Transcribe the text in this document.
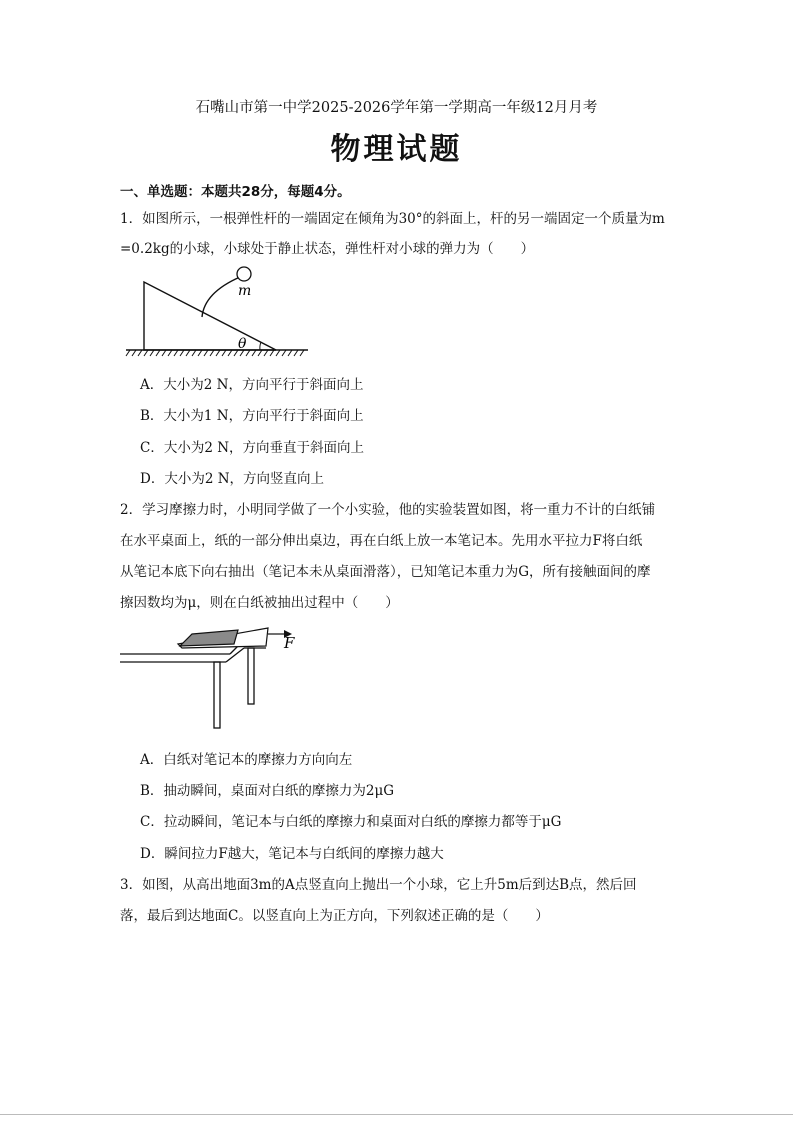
石嘴山市第一中学2025-2026学年第一学期高一年级12月月考
物理试题
一、单选题：本题共28分，每题4分。
1．如图所示，一根弹性杆的一端固定在倾角为30°的斜面上，杆的另一端固定一个质量为m
=0.2kg的小球，小球处于静止状态，弹性杆对小球的弹力为（　　）
m
θ
A．大小为2 N，方向平行于斜面向上
B．大小为1 N，方向平行于斜面向上
C．大小为2 N，方向垂直于斜面向上
D．大小为2 N，方向竖直向上
2．学习摩擦力时，小明同学做了一个小实验，他的实验装置如图，将一重力不计的白纸铺
在水平桌面上，纸的一部分伸出桌边，再在白纸上放一本笔记本。先用水平拉力F将白纸
从笔记本底下向右抽出（笔记本未从桌面滑落），已知笔记本重力为G，所有接触面间的摩
擦因数均为μ，则在白纸被抽出过程中（　　）
F
A．白纸对笔记本的摩擦力方向向左
B．抽动瞬间，桌面对白纸的摩擦力为2μG
C．拉动瞬间，笔记本与白纸的摩擦力和桌面对白纸的摩擦力都等于μG
D．瞬间拉力F越大，笔记本与白纸间的摩擦力越大
3．如图，从高出地面3m的A点竖直向上抛出一个小球，它上升5m后到达B点，然后回
落，最后到达地面C。以竖直向上为正方向，下列叙述正确的是（　　）
